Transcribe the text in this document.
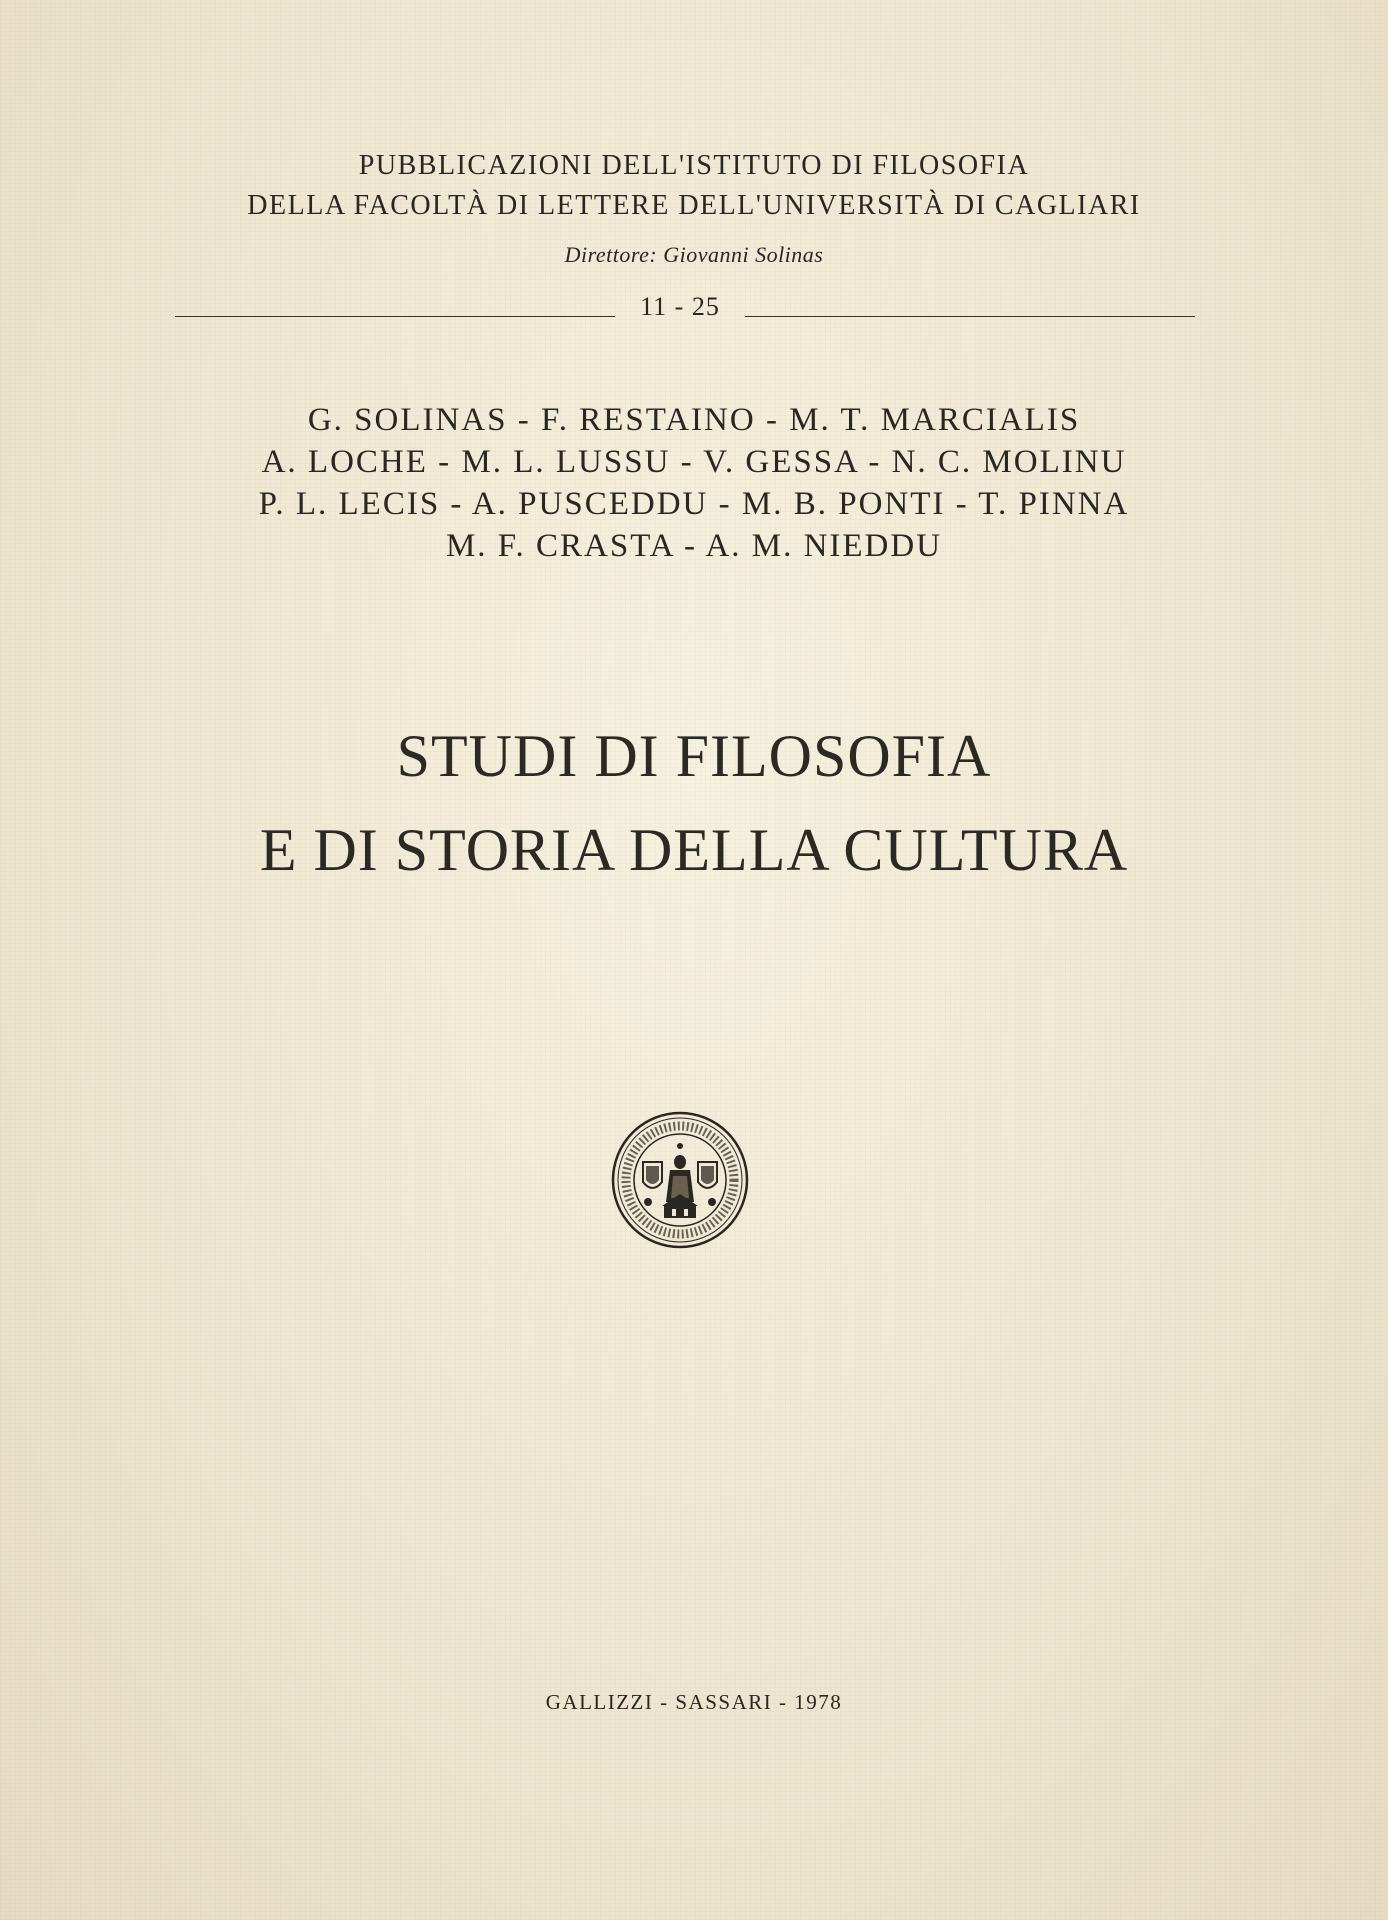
PUBBLICAZIONI DELL'ISTITUTO DI FILOSOFIA
DELLA FACOLTÀ DI LETTERE DELL'UNIVERSITÀ DI CAGLIARI
Direttore: Giovanni Solinas
11 - 25
G. SOLINAS - F. RESTAINO - M. T. MARCIALIS
A. LOCHE - M. L. LUSSU - V. GESSA - N. C. MOLINU
P. L. LECIS - A. PUSCEDDU - M. B. PONTI - T. PINNA
M. F. CRASTA - A. M. NIEDDU
STUDI DI FILOSOFIA
E DI STORIA DELLA CULTURA
GALLIZZI - SASSARI - 1978
